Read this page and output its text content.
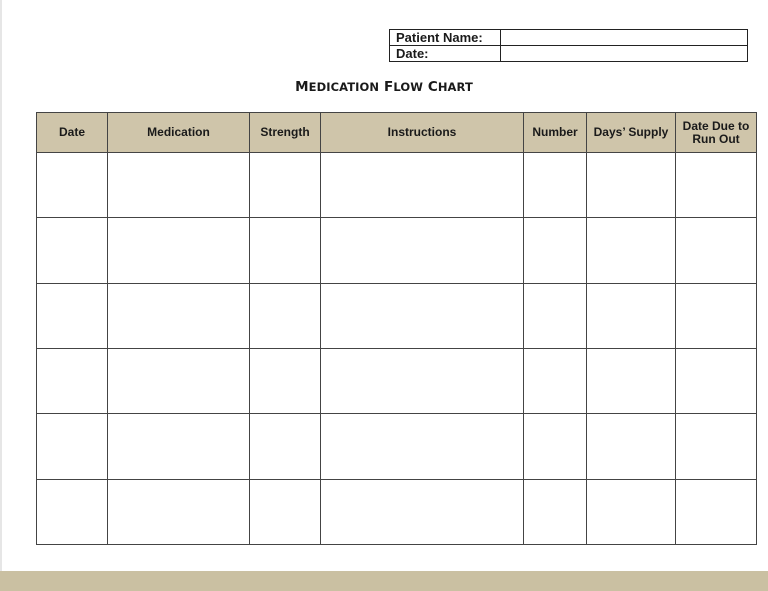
Patient Name:	
Date:	
MEDICATION FLOW CHART
Date	Medication	Strength	Instructions	Number	Days’ Supply	Date Due to
Run Out
